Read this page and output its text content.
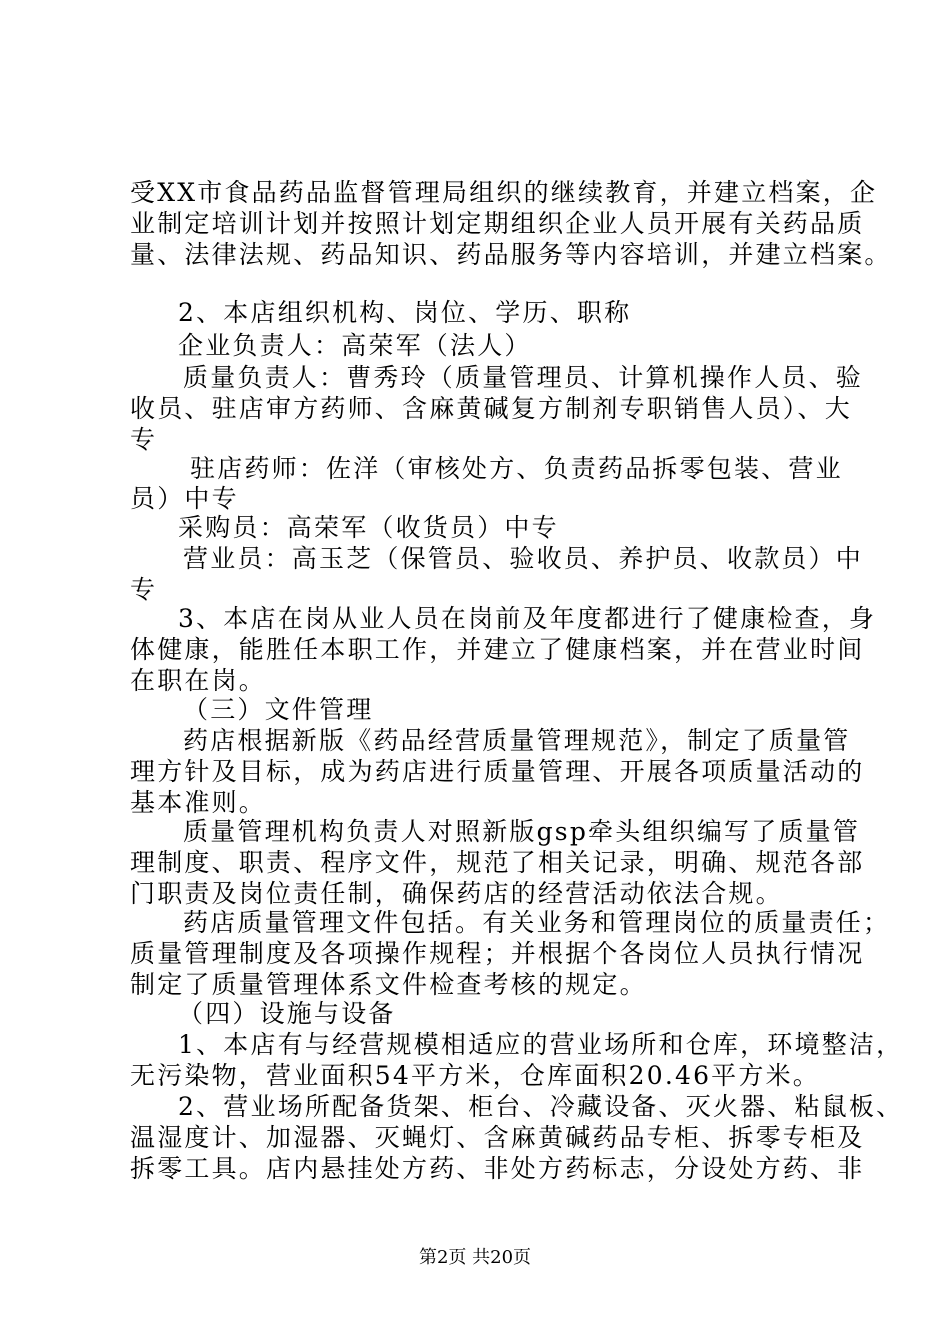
受XX市食品药品监督管理局组织的继续教育，并建立档案，企
业制定培训计划并按照计划定期组织企业人员开展有关药品质
量、法律法规、药品知识、药品服务等内容培训，并建立档案。
2、本店组织机构、岗位、学历、职称
企业负责人：高荣军（法人）
质量负责人：曹秀玲（质量管理员、计算机操作人员、验
收员、驻店审方药师、含麻黄碱复方制剂专职销售人员）、大
专
驻店药师：佐洋（审核处方、负责药品拆零包装、营业
员）中专
采购员：高荣军（收货员）中专
营业员：高玉芝（保管员、验收员、养护员、收款员）中
专
3、本店在岗从业人员在岗前及年度都进行了健康检查，身
体健康，能胜任本职工作，并建立了健康档案，并在营业时间
在职在岗。
（三）文件管理
药店根据新版《药品经营质量管理规范》，制定了质量管
理方针及目标，成为药店进行质量管理、开展各项质量活动的
基本准则。
质量管理机构负责人对照新版gsp牵头组织编写了质量管
理制度、职责、程序文件，规范了相关记录，明确、规范各部
门职责及岗位责任制，确保药店的经营活动依法合规。
药店质量管理文件包括。有关业务和管理岗位的质量责任；
质量管理制度及各项操作规程；并根据个各岗位人员执行情况
制定了质量管理体系文件检查考核的规定。
（四）设施与设备
1、本店有与经营规模相适应的营业场所和仓库，环境整洁，
无污染物，营业面积54平方米，仓库面积20.46平方米。
2、营业场所配备货架、柜台、冷藏设备、灭火器、粘鼠板、
温湿度计、加湿器、灭蝇灯、含麻黄碱药品专柜、拆零专柜及
拆零工具。店内悬挂处方药、非处方药标志，分设处方药、非
第2页 共20页
